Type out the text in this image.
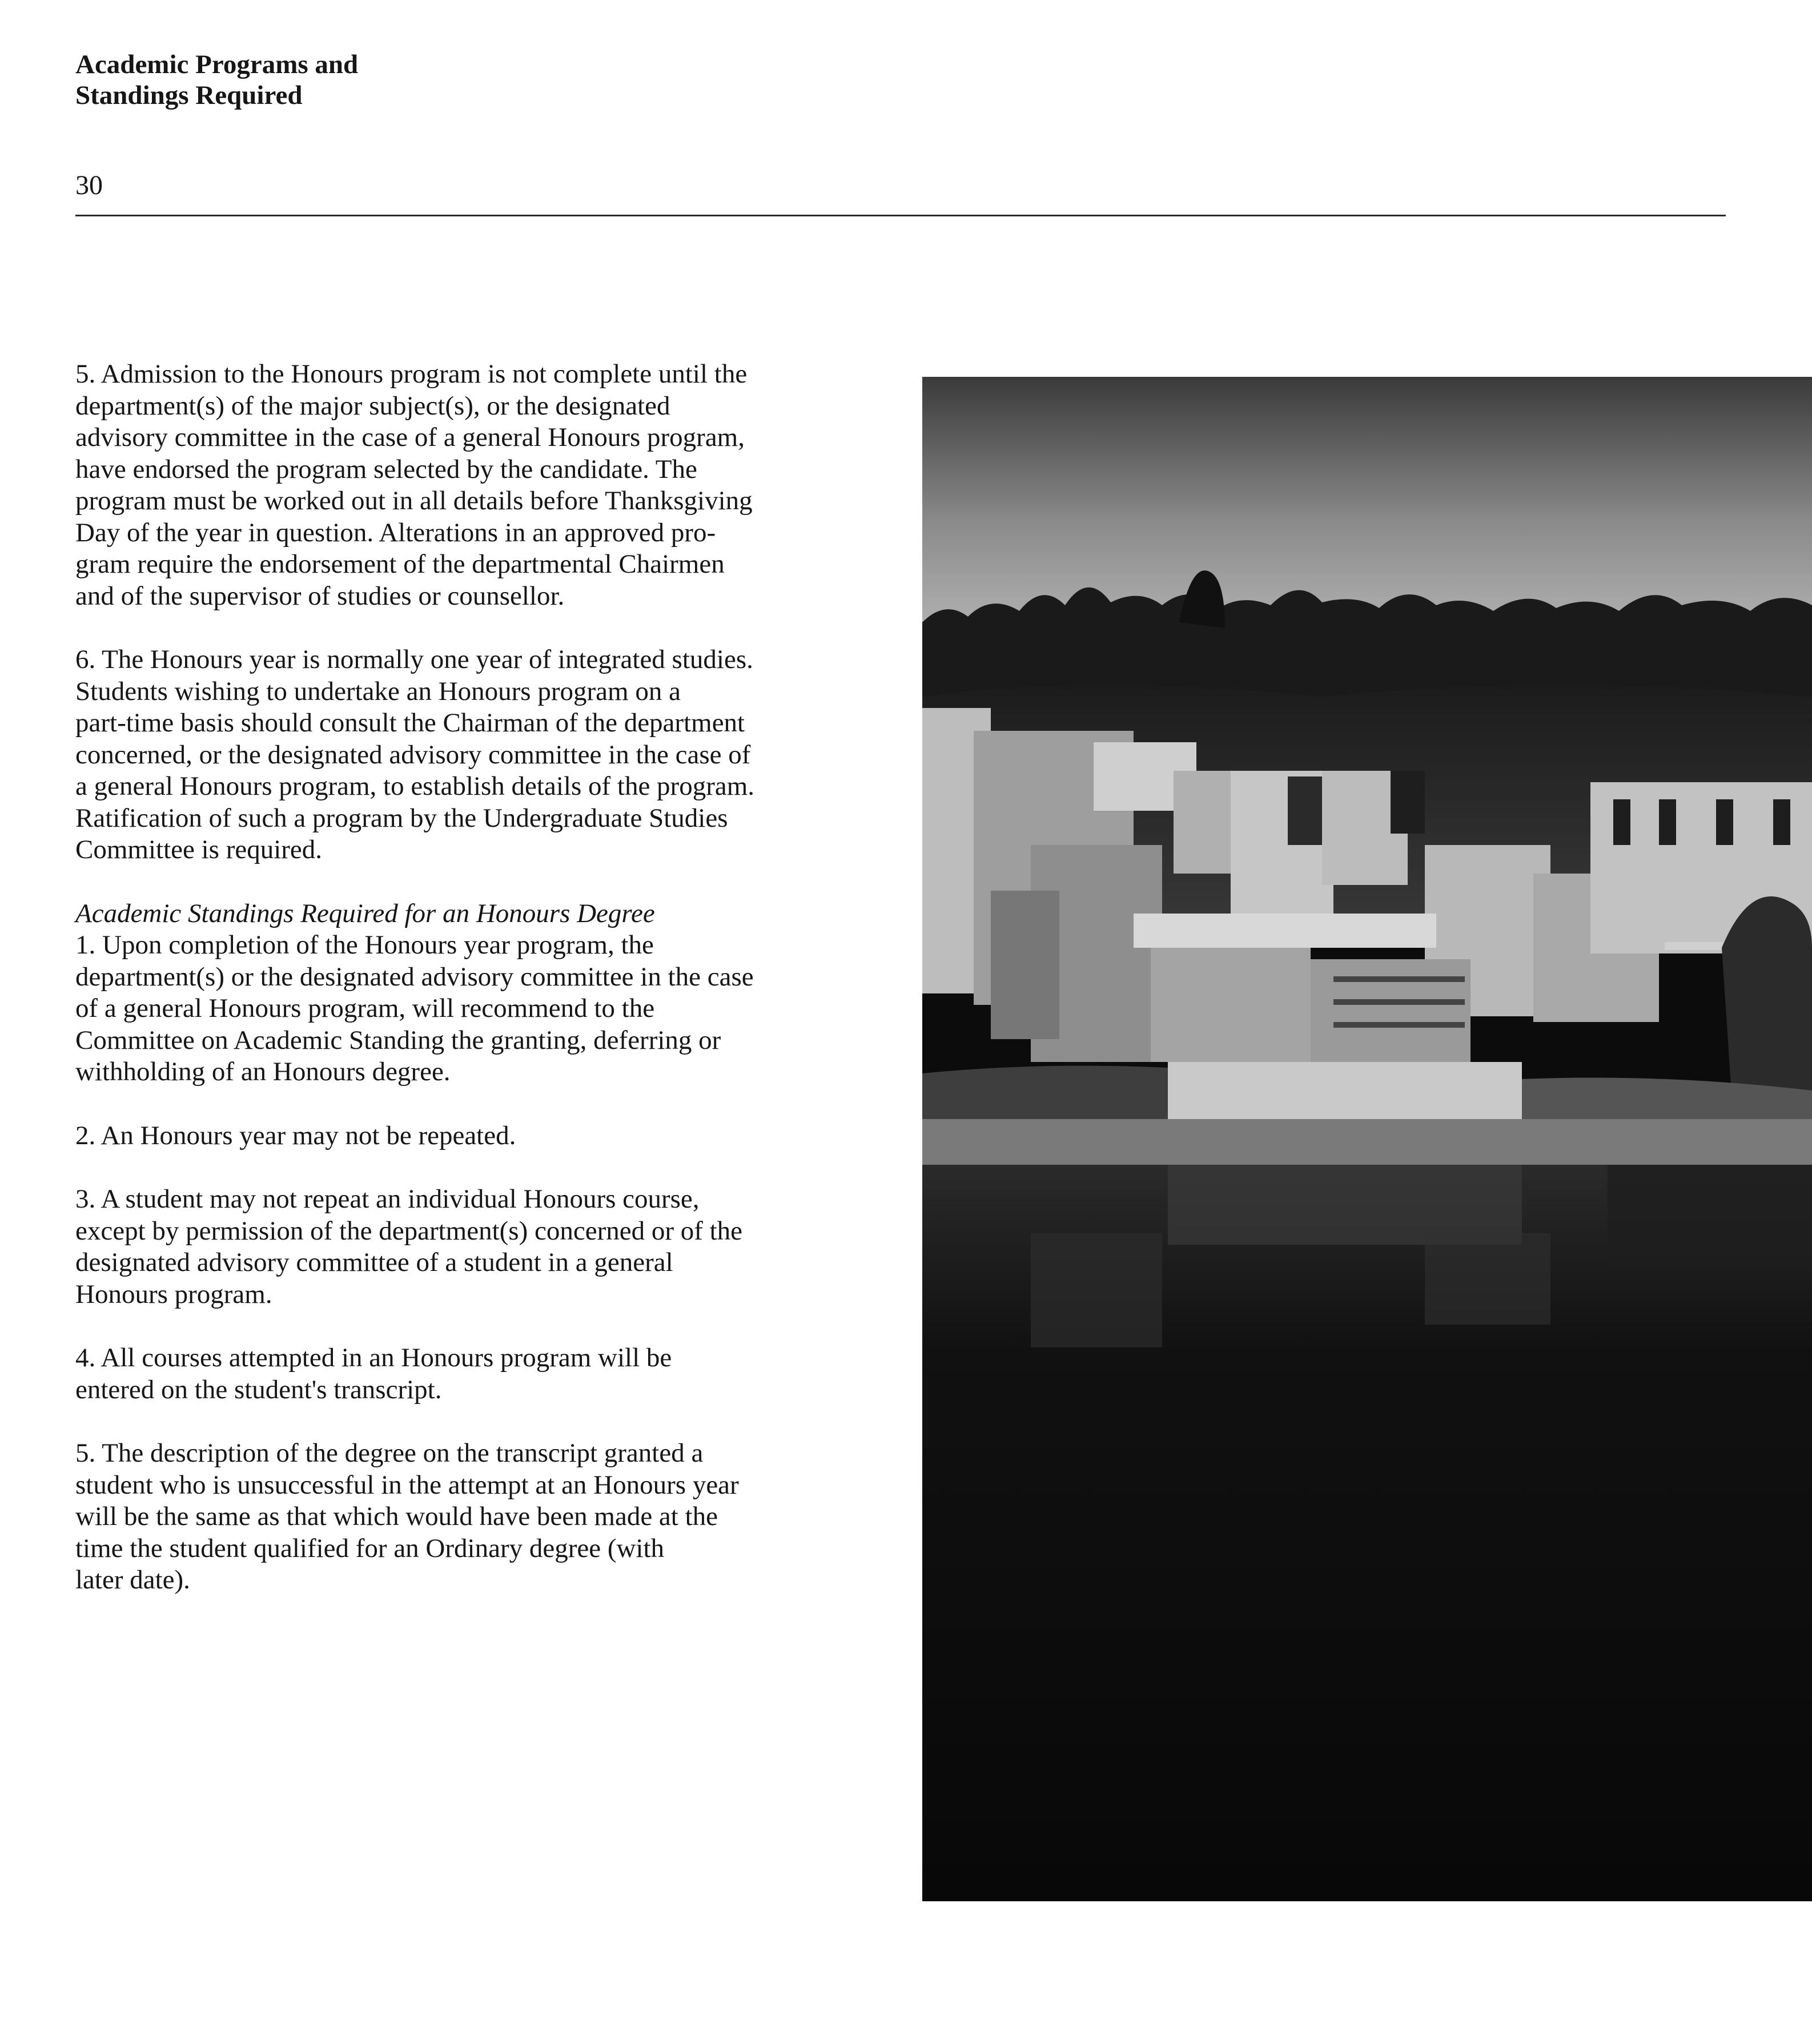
Academic Programs and
Standings Required
30

5. Admission to the Honours program is not complete until the
department(s) of the major subject(s), or the designated
advisory committee in the case of a general Honours program,
have endorsed the program selected by the candidate. The
program must be worked out in all details before Thanksgiving
Day of the year in question. Alterations in an approved pro-
gram require the endorsement of the departmental Chairmen
and of the supervisor of studies or counsellor.

6. The Honours year is normally one year of integrated studies.
Students wishing to undertake an Honours program on a
part-time basis should consult the Chairman of the department
concerned, or the designated advisory committee in the case of
a general Honours program, to establish details of the program.
Ratification of such a program by the Undergraduate Studies
Committee is required.

Academic Standings Required for an Honours Degree

1. Upon completion of the Honours year program, the
department(s) or the designated advisory committee in the case
of a general Honours program, will recommend to the
Committee on Academic Standing the granting, deferring or
withholding of an Honours degree.

2. An Honours year may not be repeated.

3. A student may not repeat an individual Honours course,
except by permission of the department(s) concerned or of the
designated advisory committee of a student in a general
Honours program.

4. All courses attempted in an Honours program will be
entered on the student's transcript.

5. The description of the degree on the transcript granted a
student who is unsuccessful in the attempt at an Honours year
will be the same as that which would have been made at the
time the student qualified for an Ordinary degree (with
later date).
